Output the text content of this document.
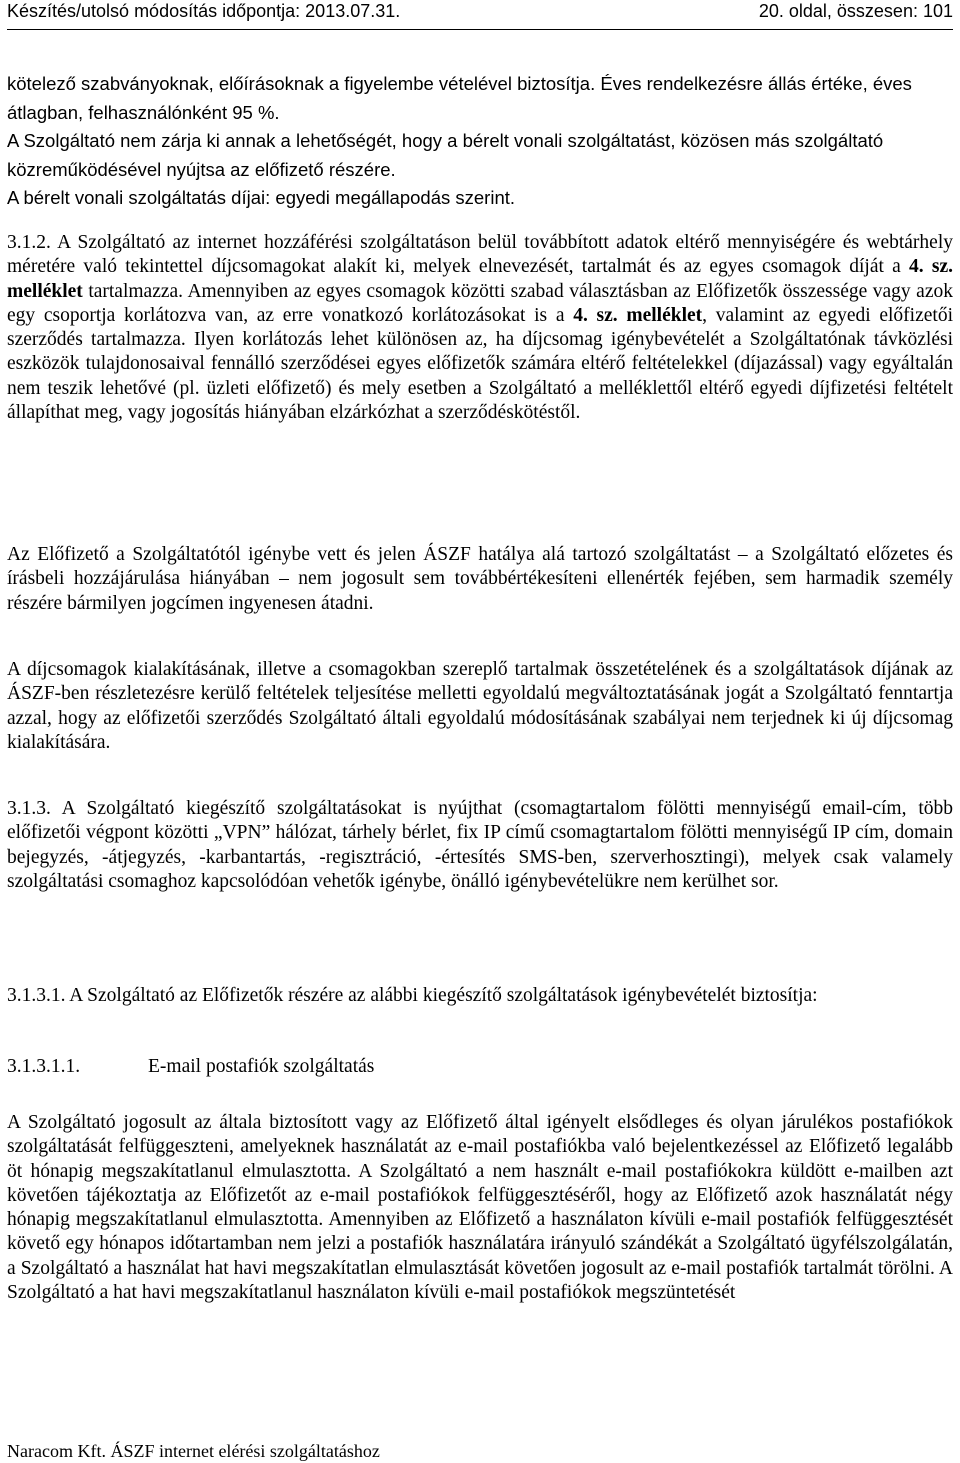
Készítés/utolsó módosítás időpontja: 2013.07.31.	20. oldal, összesen: 101

kötelező szabványoknak, előírásoknak a figyelembe vételével biztosítja. Éves rendelkezésre állás értéke, éves átlagban, felhasználónként 95 %.

A Szolgáltató nem zárja ki annak a lehetőségét, hogy a bérelt vonali szolgáltatást, közösen más szolgáltató közreműködésével nyújtsa az előfizető részére.

A bérelt vonali szolgáltatás díjai: egyedi megállapodás szerint.

3.1.2. A Szolgáltató az internet hozzáférési szolgáltatáson belül továbbított adatok eltérő mennyiségére és webtárhely méretére való tekintettel díjcsomagokat alakít ki, melyek elnevezését, tartalmát és az egyes csomagok díját a 4. sz. melléklet tartalmazza. Amennyiben az egyes csomagok közötti szabad választásban az Előfizetők összessége vagy azok egy csoportja korlátozva van, az erre vonatkozó korlátozásokat is a 4. sz. melléklet, valamint az egyedi előfizetői szerződés tartalmazza. Ilyen korlátozás lehet különösen az, ha díjcsomag igénybevételét a Szolgáltatónak távközlési eszközök tulajdonosaival fennálló szerződései egyes előfizetők számára eltérő feltételekkel (díjazással) vagy egyáltalán nem teszik lehetővé (pl. üzleti előfizető) és mely esetben a Szolgáltató a melléklettől eltérő egyedi díjfizetési feltételt állapíthat meg, vagy jogosítás hiányában elzárkózhat a szerződéskötéstől.

Az Előfizető a Szolgáltatótól igénybe vett és jelen ÁSZF hatálya alá tartozó szolgáltatást – a Szolgáltató előzetes és írásbeli hozzájárulása hiányában – nem jogosult sem továbbértékesíteni ellenérték fejében, sem harmadik személy részére bármilyen jogcímen ingyenesen átadni.

A díjcsomagok kialakításának, illetve a csomagokban szereplő tartalmak összetételének és a szolgáltatások díjának az ÁSZF-ben részletezésre kerülő feltételek teljesítése melletti egyoldalú megváltoztatásának jogát a Szolgáltató fenntartja azzal, hogy az előfizetői szerződés Szolgáltató általi egyoldalú módosításának szabályai nem terjednek ki új díjcsomag kialakítására.

3.1.3. A Szolgáltató kiegészítő szolgáltatásokat is nyújthat (csomagtartalom fölötti mennyiségű email-cím, több előfizetői végpont közötti „VPN” hálózat, tárhely bérlet, fix IP című csomagtartalom fölötti mennyiségű IP cím, domain bejegyzés, -átjegyzés, -karbantartás, -regisztráció, -értesítés SMS-ben, szerverhosztingi), melyek csak valamely szolgáltatási csomaghoz kapcsolódóan vehetők igénybe, önálló igénybevételükre nem kerülhet sor.

3.1.3.1. A Szolgáltató az Előfizetők részére az alábbi kiegészítő szolgáltatások igénybevételét biztosítja:

3.1.3.1.1.	E-mail postafiók szolgáltatás

A Szolgáltató jogosult az általa biztosított vagy az Előfizető által igényelt elsődleges és olyan járulékos postafiókok szolgáltatását felfüggeszteni, amelyeknek használatát az e-mail postafiókba való bejelentkezéssel az Előfizető legalább öt hónapig megszakítatlanul elmulasztotta. A Szolgáltató a nem használt e-mail postafiókokra küldött e-mailben azt követően tájékoztatja az Előfizetőt az e-mail postafiókok felfüggesztéséről, hogy az Előfizető azok használatát négy hónapig megszakítatlanul elmulasztotta. Amennyiben az Előfizető a használaton kívüli e-mail postafiók felfüggesztését követő egy hónapos időtartamban nem jelzi a postafiók használatára irányuló szándékát a Szolgáltató ügyfélszolgálatán, a Szolgáltató a használat hat havi megszakítatlan elmulasztását követően jogosult az e-mail postafiók tartalmát törölni. A Szolgáltató a hat havi megszakítatlanul használaton kívüli e-mail postafiókok megszüntetését

Naracom Kft. ÁSZF internet elérési szolgáltatáshoz
